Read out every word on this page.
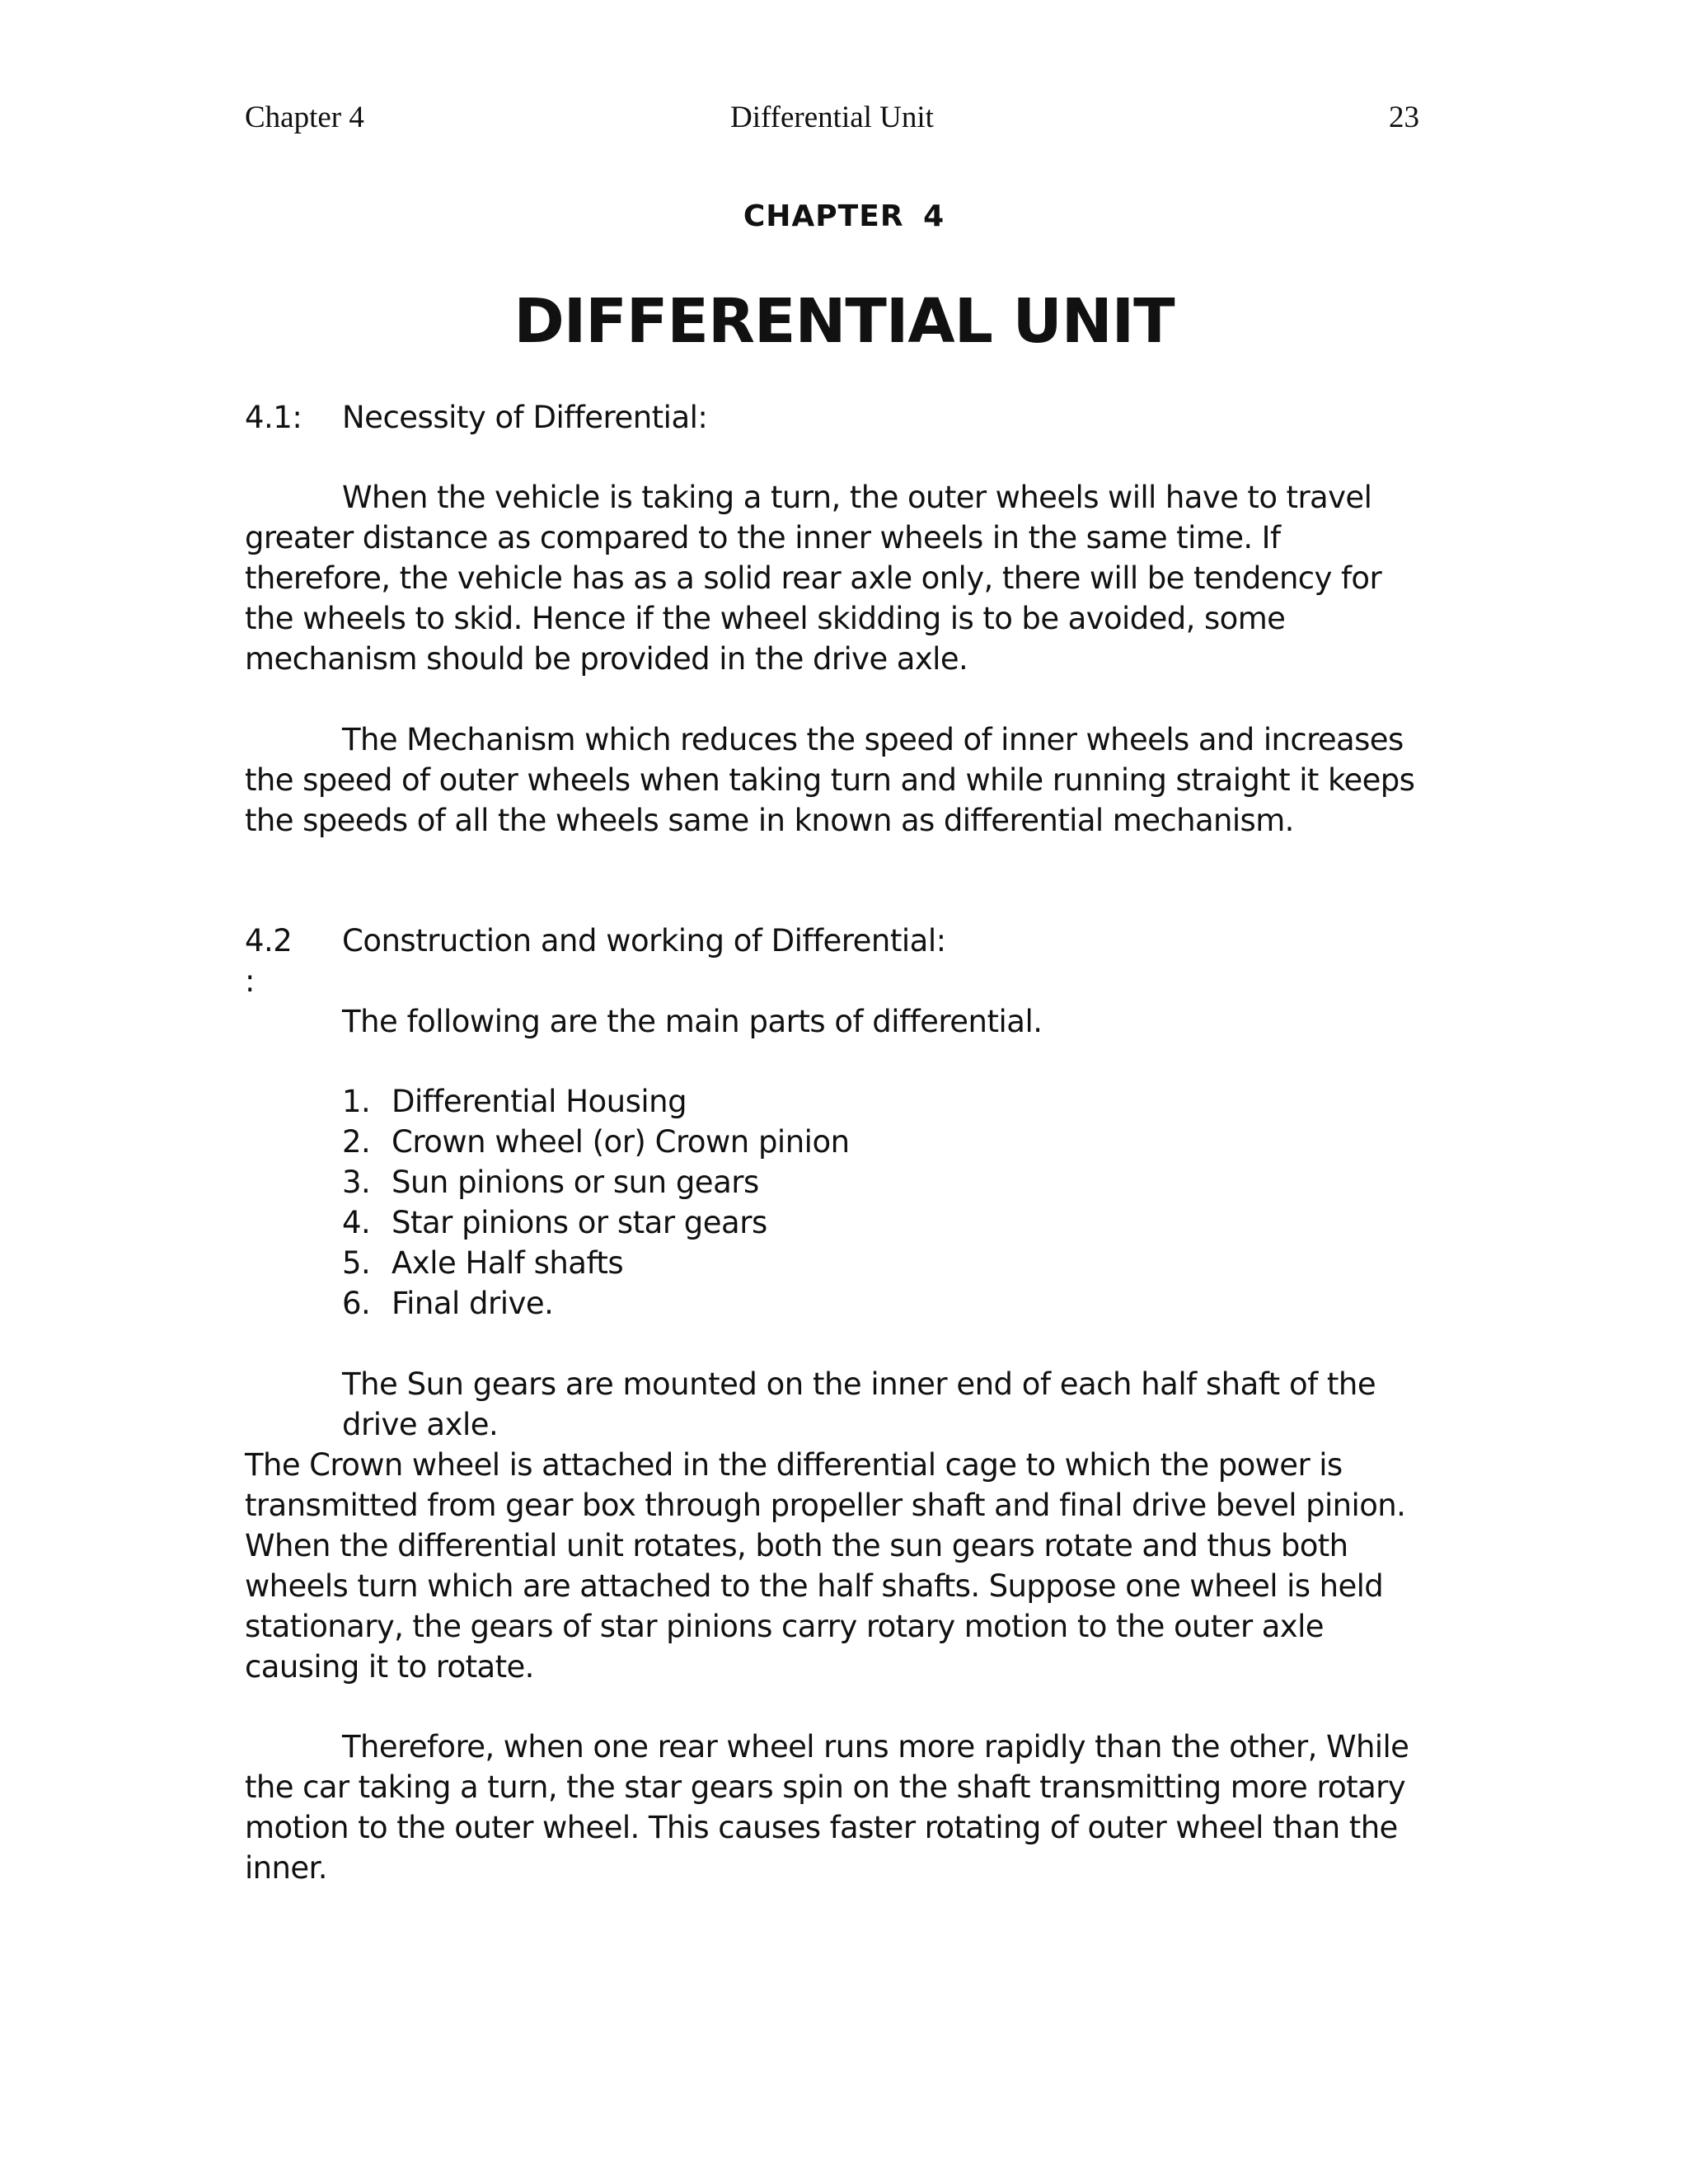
Chapter 4	Differential Unit	23
CHAPTER 4
DIFFERENTIAL UNIT
4.1: Necessity of Differential:

When the vehicle is taking a turn, the outer wheels will have to travel greater distance as compared to the inner wheels in the same time. If therefore, the vehicle has as a solid rear axle only, there will be tendency for the wheels to skid. Hence if the wheel skidding is to be avoided, some mechanism should be provided in the drive axle.

The Mechanism which reduces the speed of inner wheels and increases the speed of outer wheels when taking turn and while running straight it keeps the speeds of all the wheels same in known as differential mechanism.

4.2 :
Construction and working of Differential:
The following are the main parts of differential.
1. Differential Housing
2. Crown wheel (or) Crown pinion
3. Sun pinions or sun gears
4. Star pinions or star gears
5. Axle Half shafts
6. Final drive.
The Sun gears are mounted on the inner end of each half shaft of the drive axle.

The Crown wheel is attached in the differential cage to which the power is transmitted from gear box through propeller shaft and final drive bevel pinion. When the differential unit rotates, both the sun gears rotate and thus both wheels turn which are attached to the half shafts. Suppose one wheel is held stationary, the gears of star pinions carry rotary motion to the outer axle causing it to rotate.

Therefore, when one rear wheel runs more rapidly than the other, While the car taking a turn, the star gears spin on the shaft transmitting more rotary motion to the outer wheel. This causes faster rotating of outer wheel than the inner.
